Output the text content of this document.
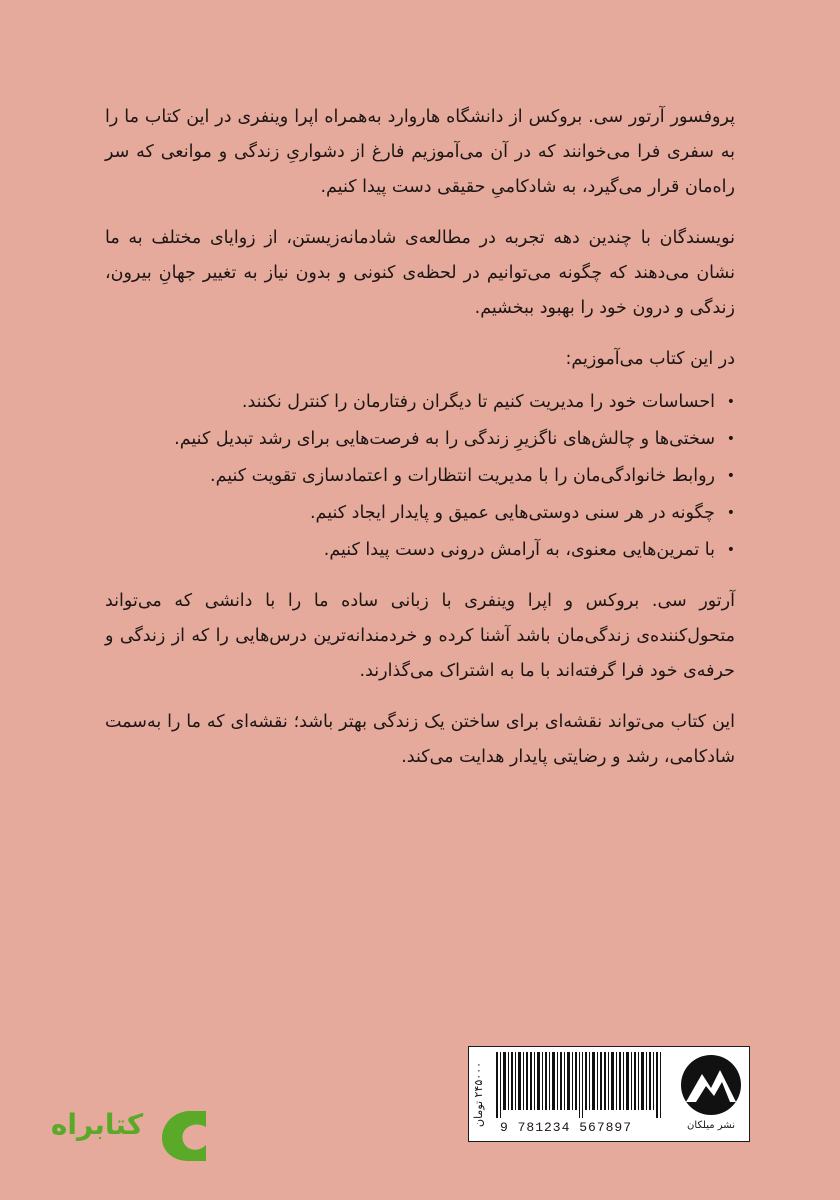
پروفسور آرتور سی. بروکس از دانشگاه هاروارد به‌همراه اپرا وینفری در این کتاب ما را به سفری فرا می‌خوانند که در آن می‌آموزیم فارغ از دشواریِ زندگی و موانعی که سر راه‌مان قرار می‌گیرد، به شادکامیِ حقیقی دست پیدا کنیم.

نویسندگان با چندین دهه تجربه در مطالعه‌ی شادمانه‌زیستن، از زوایای مختلف به ما نشان می‌دهند که چگونه می‌توانیم در لحظه‌ی کنونی و بدون نیاز به تغییر جهانِ بیرون، زندگی و درون خود را بهبود ببخشیم.

در این کتاب می‌آموزیم:

•
احساسات خود را مدیریت کنیم تا دیگران رفتارمان را کنترل نکنند.
•
سختی‌ها و چالش‌های ناگزیرِ زندگی را به فرصت‌هایی برای رشد تبدیل کنیم.
•
روابط خانوادگی‌مان را با مدیریت انتظارات و اعتمادسازی تقویت کنیم.
•
چگونه در هر سنی دوستی‌هایی عمیق و پایدار ایجاد کنیم.
•
با تمرین‌هایی معنوی، به آرامش درونی دست پیدا کنیم.

آرتور سی. بروکس و اپرا وینفری با زبانی ساده ما را با دانشی که می‌تواند متحول‌کننده‌ی زندگی‌مان باشد آشنا کرده و خردمندانه‌ترین درس‌هایی را که از زندگی و حرفه‌ی خود فرا گرفته‌اند با ما به اشتراک می‌گذارند.

این کتاب می‌تواند نقشه‌ای برای ساختن یک زندگی بهتر باشد؛ نقشه‌ای که ما را به‌سمت شادکامی، رشد و رضایتی پایدار هدایت می‌کند.

۲۴۵۰۰۰ تومان
9 781234 567897	نشر میلکان
کتابراه
